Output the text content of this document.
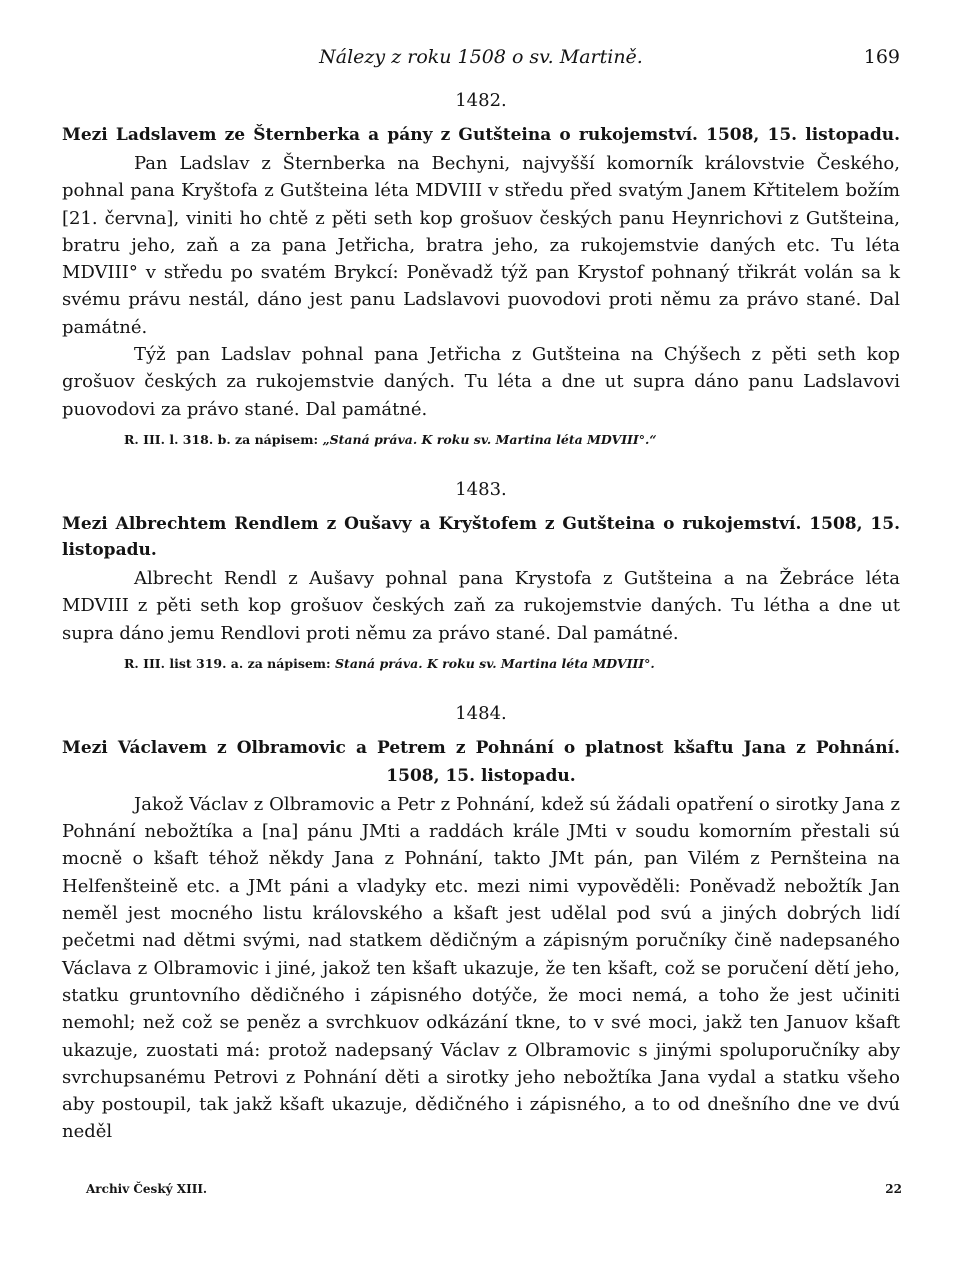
Nálezy z roku 1508 o sv. Martině.	169
1482.
Mezi Ladslavem ze Šternberka a pány z Gutšteina o rukojemství. 1508, 15. listopadu.

Pan Ladslav z Šternberka na Bechyni, najvyšší komorník královstvie Českého, pohnal pana Kryštofa z Gutšteina léta MDVIII v středu před svatým Janem Křtitelem božím [21. června], viniti ho chtě z pěti seth kop grošuov českých panu Heynrichovi z Gutšteina, bratru jeho, zaň a za pana Jetřicha, bratra jeho, za rukojemstvie daných etc. Tu léta MDVIII° v středu po svatém Brykcí: Poněvadž týž pan Krystof pohnaný třikrát volán sa k svému právu nestál, dáno jest panu Ladslavovi puovodovi proti němu za právo stané. Dal památné.

Týž pan Ladslav pohnal pana Jetřicha z Gutšteina na Chýšech z pěti seth kop grošuov českých za rukojemstvie daných. Tu léta a dne ut supra dáno panu Ladslavovi puovodovi za právo stané. Dal památné.

R. III. l. 318. b. za nápisem: „Staná práva. K roku sv. Martina léta MDVIII°.“
1483.
Mezi Albrechtem Rendlem z Oušavy a Kryštofem z Gutšteina o rukojemství. 1508, 15. listopadu.

Albrecht Rendl z Aušavy pohnal pana Krystofa z Gutšteina a na Žebráce léta MDVIII z pěti seth kop grošuov českých zaň za rukojemstvie daných. Tu létha a dne ut supra dáno jemu Rendlovi proti němu za právo stané. Dal památné.

R. III. list 319. a. za nápisem: Staná práva. K roku sv. Martina léta MDVIII°.
1484.
Mezi Václavem z Olbramovic a Petrem z Pohnání o platnost kšaftu Jana z Pohnání.
1508, 15. listopadu.

Jakož Václav z Olbramovic a Petr z Pohnání, kdež sú žádali opatření o sirotky Jana z Pohnání nebožtíka a [na] pánu JMti a raddách krále JMti v soudu komorním přestali sú mocně o kšaft téhož někdy Jana z Pohnání, takto JMt pán, pan Vilém z Pernšteina na Helfenšteině etc. a JMt páni a vladyky etc. mezi nimi vypověděli: Poněvadž nebožtík Jan neměl jest mocného listu královského a kšaft jest udělal pod svú a jiných dobrých lidí pečetmi nad dětmi svými, nad statkem dědičným a zápisným poručníky čině nadepsaného Václava z Olbramovic i jiné, jakož ten kšaft ukazuje, že ten kšaft, což se poručení dětí jeho, statku gruntovního dědičného i zápisného dotýče, že moci nemá, a toho že jest učiniti nemohl; než což se peněz a svrchkuov odkázání tkne, to v své moci, jakž ten Januov kšaft ukazuje, zuostati má: protož nadepsaný Václav z Olbramovic s jinými spoluporučníky aby svrchupsanému Petrovi z Pohnání děti a sirotky jeho nebožtíka Jana vydal a statku všeho aby postoupil, tak jakž kšaft ukazuje, dědičného i zápisného, a to od dnešního dne ve dvú neděl

Archiv Český XIII.	22
